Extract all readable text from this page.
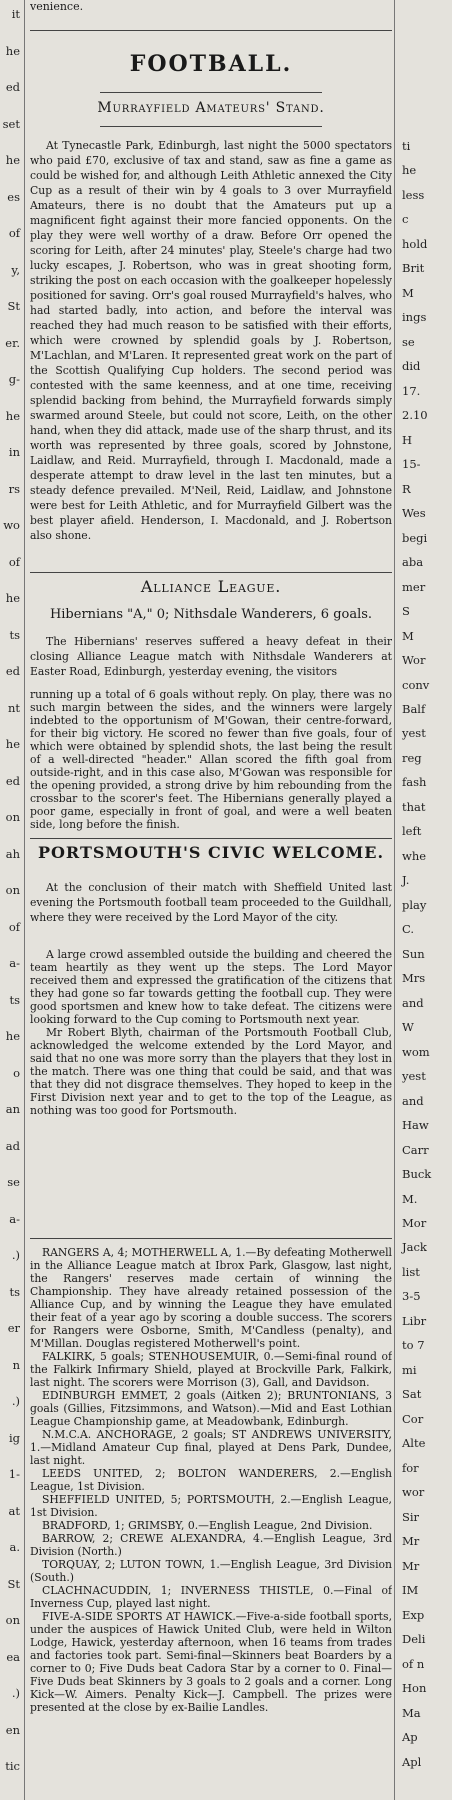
it
he
ed
set
he
es
of
y,
St
er.
g-
he
in
rs
wo
of
he
ts
ed
nt
he
ed
on
ah
on
of
a-
ts
he
o
an
ad
se
a-
.)
ts
er
n
.)
ig
1-
at
a.
St
on
ea
.)
en
tic
ti
he
less
c
hold
Brit
M
ings
se
did
17.
2.10
H
15-
R
Wes
begi
aba
mer
S
M
Wor
conv
Balf
yest
reg
fash
that
left
whe
J.
play
C.
Sun
Mrs
and
W
wom
yest
and
Haw
Carr
Buck
M.
Mor
Jack
list
3-5
Libr
to 7
mi
Sat
Cor
Alte
for
wor
Sir
Mr
Mr
IM
Exp
Deli
of n
Hon
Ma
Ap
Apl
venience.
FOOTBALL.
Murrayfield Amateurs' Stand.

At Tynecastle Park, Edinburgh, last night the 5000 spectators who paid £70, exclusive of tax and stand, saw as fine a game as could be wished for, and although Leith Athletic annexed the City Cup as a result of their win by 4 goals to 3 over Murrayfield Amateurs, there is no doubt that the Amateurs put up a magnificent fight against their more fancied opponents. On the play they were well worthy of a draw. Before Orr opened the scoring for Leith, after 24 minutes' play, Steele's charge had two lucky escapes, J. Robertson, who was in great shooting form, striking the post on each occasion with the goalkeeper hopelessly positioned for saving. Orr's goal roused Murrayfield's halves, who had started badly, into action, and before the interval was reached they had much reason to be satisfied with their efforts, which were crowned by splendid goals by J. Robertson, M'Lachlan, and M'Laren. It represented great work on the part of the Scottish Qualifying Cup holders. The second period was contested with the same keenness, and at one time, receiving splendid backing from behind, the Murrayfield forwards simply swarmed around Steele, but could not score, Leith, on the other hand, when they did attack, made use of the sharp thrust, and its worth was represented by three goals, scored by Johnstone, Laidlaw, and Reid. Murrayfield, through I. Macdonald, made a desperate attempt to draw level in the last ten minutes, but a steady defence prevailed. M'Neil, Reid, Laidlaw, and Johnstone were best for Leith Athletic, and for Murrayfield Gilbert was the best player afield. Henderson, I. Macdonald, and J. Robertson also shone.

Alliance League.
Hibernians "A," 0; Nithsdale Wanderers, 6 goals.

The Hibernians' reserves suffered a heavy defeat in their closing Alliance League match with Nithsdale Wanderers at Easter Road, Edinburgh, yesterday evening, the visitors

running up a total of 6 goals without reply. On play, there was no such margin between the sides, and the winners were largely indebted to the opportunism of M'Gowan, their centre-forward, for their big victory. He scored no fewer than five goals, four of which were obtained by splendid shots, the last being the result of a well-directed "header." Allan scored the fifth goal from outside-right, and in this case also, M'Gowan was responsible for the opening provided, a strong drive by him rebounding from the crossbar to the scorer's feet. The Hibernians generally played a poor game, especially in front of goal, and were a well beaten side, long before the finish.

PORTSMOUTH'S CIVIC WELCOME.

At the conclusion of their match with Sheffield United last evening the Portsmouth football team proceeded to the Guildhall, where they were received by the Lord Mayor of the city.

A large crowd assembled outside the building and cheered the team heartily as they went up the steps. The Lord Mayor received them and expressed the gratification of the citizens that they had gone so far towards getting the football cup. They were good sportsmen and knew how to take defeat. The citizens were looking forward to the Cup coming to Portsmouth next year.

Mr Robert Blyth, chairman of the Portsmouth Football Club, acknowledged the welcome extended by the Lord Mayor, and said that no one was more sorry than the players that they lost in the match. There was one thing that could be said, and that was that they did not disgrace themselves. They hoped to keep in the First Division next year and to get to the top of the League, as nothing was too good for Portsmouth.

RANGERS A, 4; MOTHERWELL A, 1.—By defeating Motherwell in the Alliance League match at Ibrox Park, Glasgow, last night, the Rangers' reserves made certain of winning the Championship. They have already retained possession of the Alliance Cup, and by winning the League they have emulated their feat of a year ago by scoring a double success. The scorers for Rangers were Osborne, Smith, M'Candless (penalty), and M'Millan. Douglas registered Motherwell's point.

FALKIRK, 5 goals; STENHOUSEMUIR, 0.—Semi-final round of the Falkirk Infirmary Shield, played at Brockville Park, Falkirk, last night. The scorers were Morrison (3), Gall, and Davidson.

EDINBURGH EMMET, 2 goals (Aitken 2); BRUNTONIANS, 3 goals (Gillies, Fitzsimmons, and Watson).—Mid and East Lothian League Championship game, at Meadowbank, Edinburgh.

N.M.C.A. ANCHORAGE, 2 goals; ST ANDREWS UNIVERSITY, 1.—Midland Amateur Cup final, played at Dens Park, Dundee, last night.

LEEDS UNITED, 2; BOLTON WANDERERS, 2.—English League, 1st Division.

SHEFFIELD UNITED, 5; PORTSMOUTH, 2.—English League, 1st Division.

BRADFORD, 1; GRIMSBY, 0.—English League, 2nd Division.

BARROW, 2; CREWE ALEXANDRA, 4.—English League, 3rd Division (North.)

TORQUAY, 2; LUTON TOWN, 1.—English League, 3rd Division (South.)

CLACHNACUDDIN, 1; INVERNESS THISTLE, 0.—Final of Inverness Cup, played last night.

FIVE-A-SIDE SPORTS AT HAWICK.—Five-a-side football sports, under the auspices of Hawick United Club, were held in Wilton Lodge, Hawick, yesterday afternoon, when 16 teams from trades and factories took part. Semi-final—Skinners beat Boarders by a corner to 0; Five Duds beat Cadora Star by a corner to 0. Final—Five Duds beat Skinners by 3 goals to 2 goals and a corner. Long Kick—W. Aimers. Penalty Kick—J. Campbell. The prizes were presented at the close by ex-Bailie Landles.
